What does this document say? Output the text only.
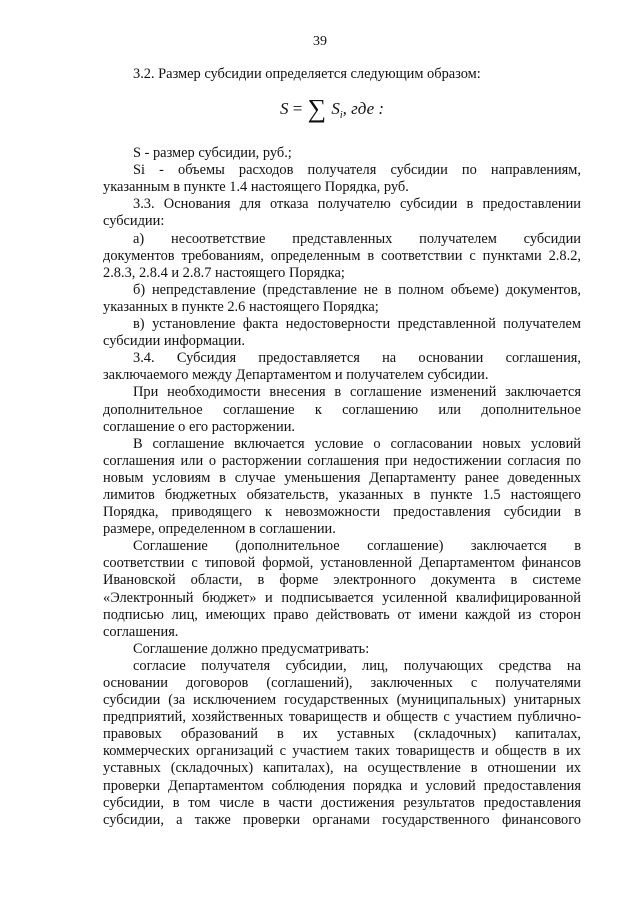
39
3.2. Размер субсидии определяется следующим образом:
S = ∑ $S_i$, где :
S - размер субсидии, руб.;
Si - объемы расходов получателя субсидии по направлениям,
указанным в пункте 1.4 настоящего Порядка, руб.
3.3. Основания для отказа получателю субсидии в предоставлении
субсидии:
а) несоответствие представленных получателем субсидии
документов требованиям, определенным в соответствии с пунктами 2.8.2,
2.8.3, 2.8.4 и 2.8.7 настоящего Порядка;
б) непредставление (представление не в полном объеме) документов,
указанных в пункте 2.6 настоящего Порядка;
в) установление факта недостоверности представленной получателем
субсидии информации.
3.4. Субсидия предоставляется на основании соглашения,
заключаемого между Департаментом и получателем субсидии.
При необходимости внесения в соглашение изменений заключается
дополнительное соглашение к соглашению или дополнительное
соглашение о его расторжении.
В соглашение включается условие о согласовании новых условий
соглашения или о расторжении соглашения при недостижении согласия по
новым условиям в случае уменьшения Департаменту ранее доведенных
лимитов бюджетных обязательств, указанных в пункте 1.5 настоящего
Порядка, приводящего к невозможности предоставления субсидии в
размере, определенном в соглашении.
Соглашение (дополнительное соглашение) заключается в
соответствии с типовой формой, установленной Департаментом финансов
Ивановской области, в форме электронного документа в системе
«Электронный бюджет» и подписывается усиленной квалифицированной
подписью лиц, имеющих право действовать от имени каждой из сторон
соглашения.
Соглашение должно предусматривать:
согласие получателя субсидии, лиц, получающих средства на
основании договоров (соглашений), заключенных с получателями
субсидии (за исключением государственных (муниципальных) унитарных
предприятий, хозяйственных товариществ и обществ с участием публично-
правовых образований в их уставных (складочных) капиталах,
коммерческих организаций с участием таких товариществ и обществ в их
уставных (складочных) капиталах), на осуществление в отношении их
проверки Департаментом соблюдения порядка и условий предоставления
субсидии, в том числе в части достижения результатов предоставления
субсидии, а также проверки органами государственного финансового
